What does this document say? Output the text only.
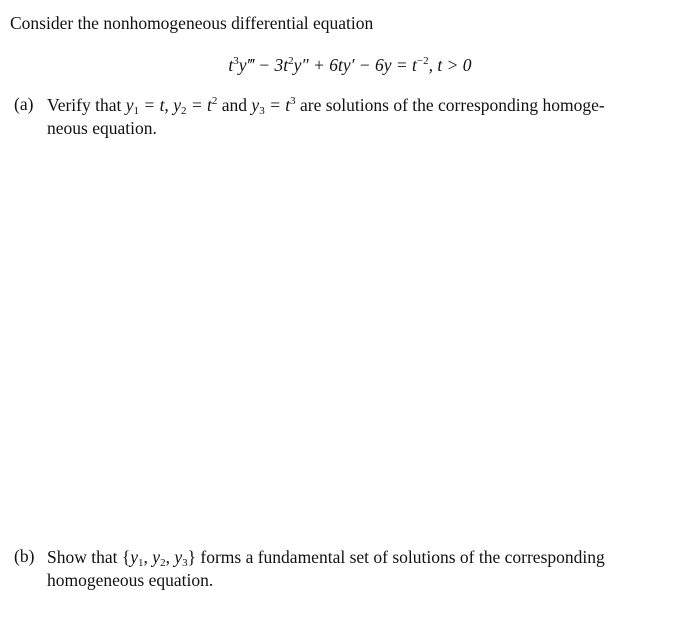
Consider the nonhomogeneous differential equation
$t^3y‴ - 3t^2y'' + 6ty' - 6y = t^{-2}$, t > 0
(a) Verify that $y_1 = t$, $y_2 = t^2$ and $y_3 = t^3$ are solutions of the corresponding homoge-
neous equation.
(b) Show that {$y_1$, $y_2$, $y_3$} forms a fundamental set of solutions of the corresponding
homogeneous equation.
